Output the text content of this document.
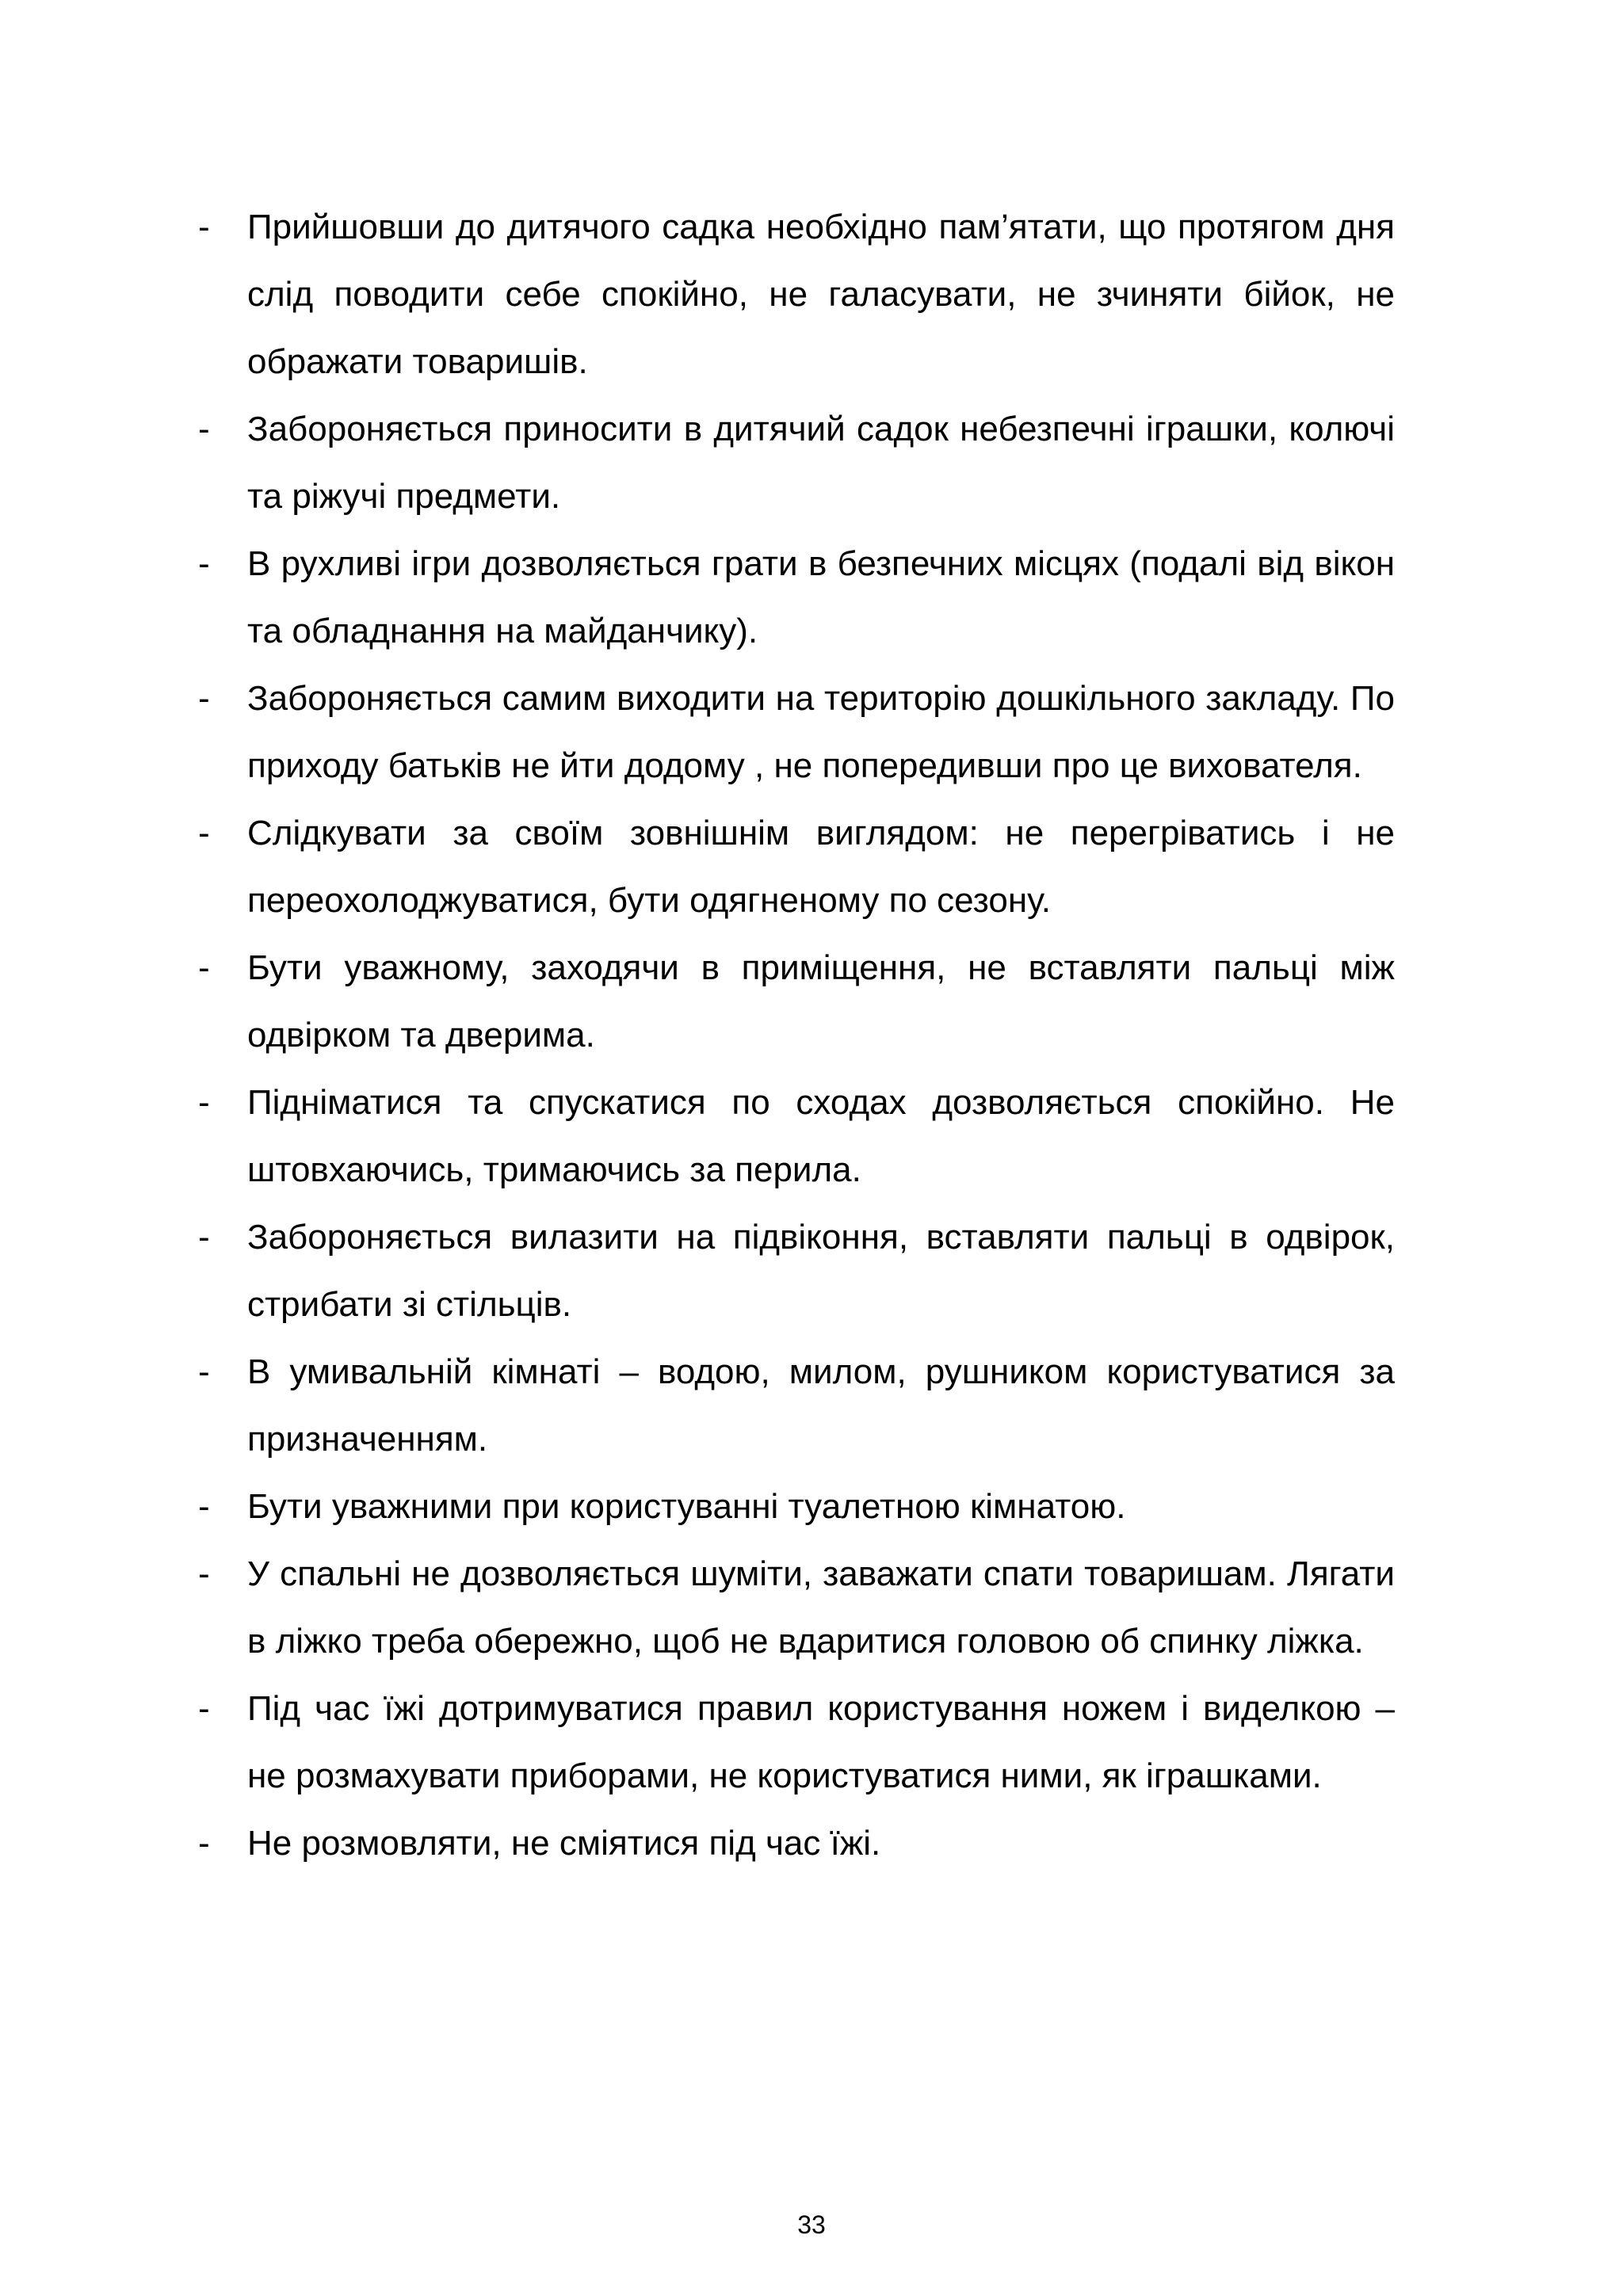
-	Прийшовши до дитячого садка необхідно пам’ятати, що протягом дня слід поводити себе спокійно, не галасувати, не зчиняти бійок, не ображати товаришів.
-	Забороняється приносити в дитячий садок небезпечні іграшки, колючі та ріжучі предмети.
-	В рухливі ігри дозволяється грати в безпечних місцях (подалі від вікон та обладнання на майданчику).
-	Забороняється самим виходити на територію дошкільного закладу. По приходу батьків не йти додому , не попередивши про це вихователя.
-	Слідкувати за своїм зовнішнім виглядом: не перегріватись і не переохолоджуватися, бути одягненому по сезону.
-	Бути уважному, заходячи в приміщення, не вставляти пальці між одвірком та дверима.
-	Підніматися та спускатися по сходах дозволяється спокійно. Не штовхаючись, тримаючись за перила.
-	Забороняється вилазити на підвіконня, вставляти пальці в одвірок, стрибати зі стільців.
-	В умивальній кімнаті – водою, милом, рушником користуватися за призначенням.
-	Бути уважними при користуванні туалетною кімнатою.
-	У спальні не дозволяється шуміти, заважати спати товаришам. Лягати в ліжко треба обережно, щоб не вдаритися головою об спинку ліжка.
-	Під час їжі дотримуватися правил користування ножем і виделкою – не розмахувати приборами, не користуватися ними, як іграшками.
-	Не розмовляти, не сміятися під час їжі.
33
